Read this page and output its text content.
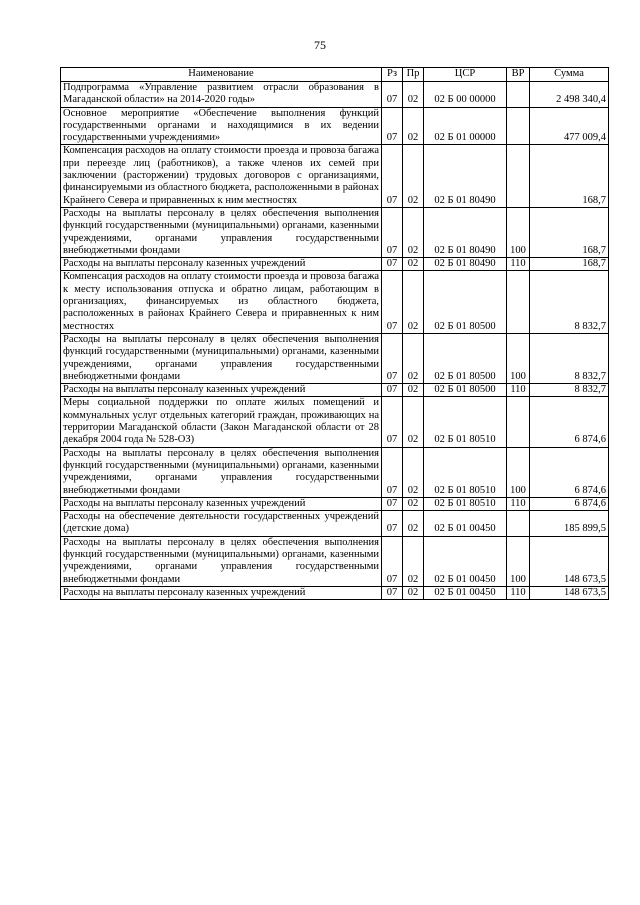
75
Наименование	Рз	Пр	ЦСР	ВР	Сумма
Подпрограмма «Управление развитием отрасли образования в Магаданской области» на 2014-2020 годы»	07	02	02 Б 00 00000		2 498 340,4
Основное мероприятие «Обеспечение выполнения функций государственными органами и находящимися в их ведении государственными учреждениями»	07	02	02 Б 01 00000		477 009,4
Компенсация расходов на оплату стоимости проезда и провоза багажа при переезде лиц (работников), а также членов их семей при заключении (расторжении) трудовых договоров с организациями, финансируемыми из областного бюджета, расположенными в районах Крайнего Севера и приравненных к ним местностях	07	02	02 Б 01 80490		168,7
Расходы на выплаты персоналу в целях обеспечения выполнения функций государственными (муниципальными) органами, казенными учреждениями, органами управления государственными внебюджетными фондами	07	02	02 Б 01 80490	100	168,7
Расходы на выплаты персоналу казенных учреждений	07	02	02 Б 01 80490	110	168,7
Компенсация расходов на оплату стоимости проезда и провоза багажа к месту использования отпуска и обратно лицам, работающим в организациях, финансируемых из областного бюджета, расположенных в районах Крайнего Севера и приравненных к ним местностях	07	02	02 Б 01 80500		8 832,7
Расходы на выплаты персоналу в целях обеспечения выполнения функций государственными (муниципальными) органами, казенными учреждениями, органами управления государственными внебюджетными фондами	07	02	02 Б 01 80500	100	8 832,7
Расходы на выплаты персоналу казенных учреждений	07	02	02 Б 01 80500	110	8 832,7
Меры социальной поддержки по оплате жилых помещений и коммунальных услуг отдельных категорий граждан, проживающих на территории Магаданской области (Закон Магаданской области от 28 декабря 2004 года № 528-ОЗ)	07	02	02 Б 01 80510		6 874,6
Расходы на выплаты персоналу в целях обеспечения выполнения функций государственными (муниципальными) органами, казенными учреждениями, органами управления государственными внебюджетными фондами	07	02	02 Б 01 80510	100	6 874,6
Расходы на выплаты персоналу казенных учреждений	07	02	02 Б 01 80510	110	6 874,6
Расходы на обеспечение деятельности государственных учреждений (детские дома)	07	02	02 Б 01 00450		185 899,5
Расходы на выплаты персоналу в целях обеспечения выполнения функций государственными (муниципальными) органами, казенными учреждениями, органами управления государственными внебюджетными фондами	07	02	02 Б 01 00450	100	148 673,5
Расходы на выплаты персоналу казенных учреждений	07	02	02 Б 01 00450	110	148 673,5
